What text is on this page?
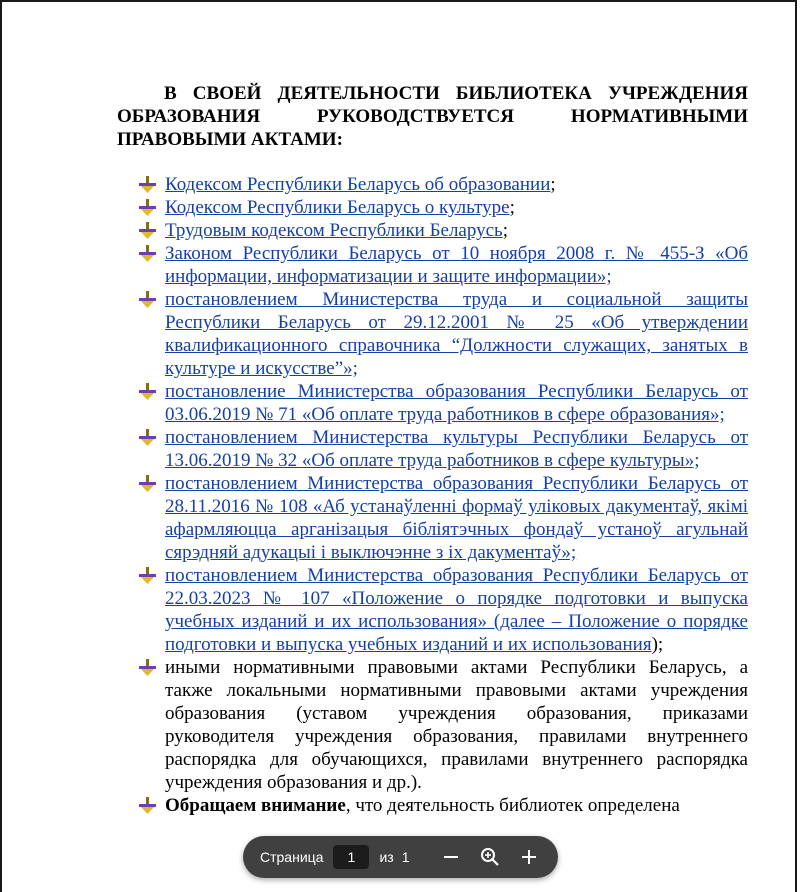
В СВОЕЙ ДЕЯТЕЛЬНОСТИ БИБЛИОТЕКА УЧРЕЖДЕНИЯ ОБРАЗОВАНИЯ РУКОВОДСТВУЕТСЯ НОРМАТИВНЫМИ ПРАВОВЫМИ АКТАМИ:
Кодексом Республики Беларусь об образовании;
Кодексом Республики Беларусь о культуре;
Трудовым кодексом Республики Беларусь;
Законом Республики Беларусь от 10 ноября 2008 г. № 455-З «Об информации, информатизации и защите информации»;
постановлением Министерства труда и социальной защиты Республики Беларусь от 29.12.2001 № 25 «Об утверждении квалификационного справочника “Должности служащих, занятых в культуре и искусстве”»;
постановление Министерства образования Республики Беларусь от 03.06.2019 № 71 «Об оплате труда работников в сфере образования»;
постановлением Министерства культуры Республики Беларусь от 13.06.2019 № 32 «Об оплате труда работников в сфере культуры»;
постановлением Министерства образования Республики Беларусь от 28.11.2016 № 108 «Аб устанаўленні формаў уліковых дакументаў, якімі афармляюцца арганізацыя бібліятэчных фондаў устаноў агульнай сярэдняй адукацыі і выключэнне з іх дакументаў»;
постановлением Министерства образования Республики Беларусь от 22.03.2023 № 107 «Положение о порядке подготовки и выпуска учебных изданий и их использования» (далее – Положение о порядке подготовки и выпуска учебных изданий и их использования);
иными нормативными правовыми актами Республики Беларусь, а также локальными нормативными правовыми актами учреждения образования (уставом учреждения образования, приказами руководителя учреждения образования, правилами внутреннего распорядка для обучающихся, правилами внутреннего распорядка учреждения образования и др.).
Обращаем внимание, что деятельность библиотек определена
Страница	1	из 1
